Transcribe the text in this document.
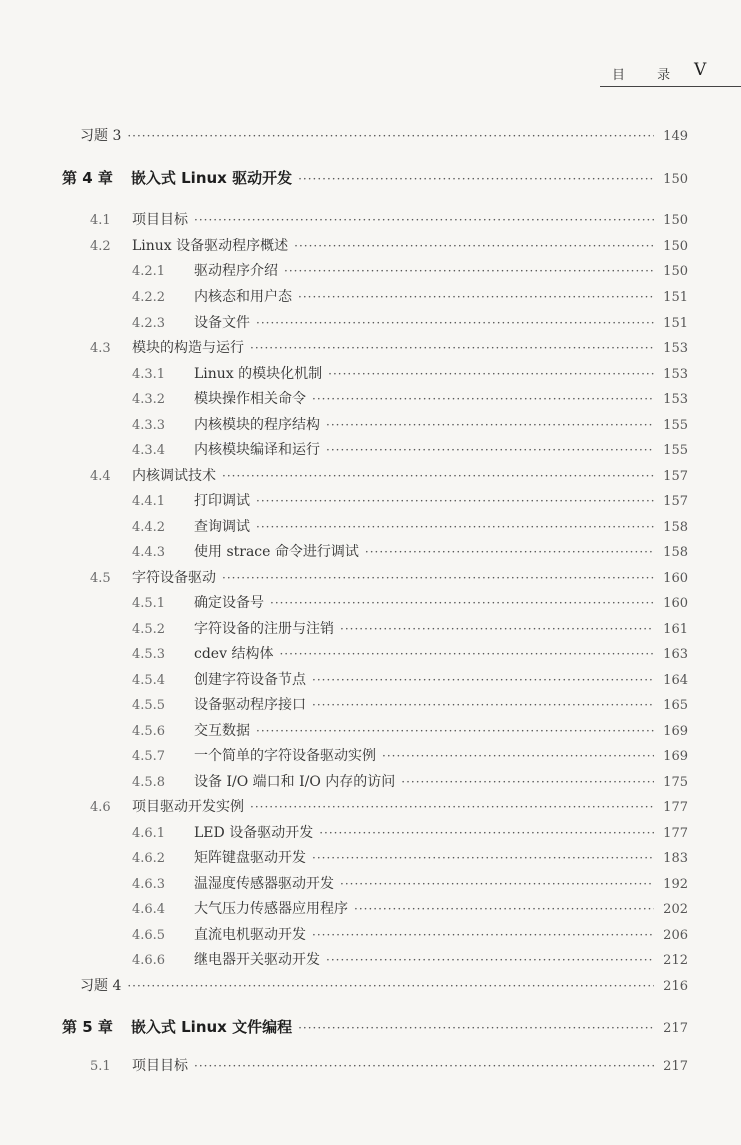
目 录 V
习题 3 ·····	149
第 4 章 嵌入式 Linux 驱动开发 ·····	150
4.1	项目目标 ·····	150
4.2	Linux 设备驱动程序概述 ·····	150
4.2.1	驱动程序介绍 ·····	150
4.2.2	内核态和用户态 ·····	151
4.2.3	设备文件 ·····	151
4.3	模块的构造与运行 ·····	153
4.3.1	Linux 的模块化机制 ·····	153
4.3.2	模块操作相关命令 ·····	153
4.3.3	内核模块的程序结构 ·····	155
4.3.4	内核模块编译和运行 ·····	155
4.4	内核调试技术 ·····	157
4.4.1	打印调试 ·····	157
4.4.2	查询调试 ·····	158
4.4.3	使用 strace 命令进行调试 ·····	158
4.5	字符设备驱动 ·····	160
4.5.1	确定设备号 ·····	160
4.5.2	字符设备的注册与注销 ·····	161
4.5.3	cdev 结构体 ·····	163
4.5.4	创建字符设备节点 ·····	164
4.5.5	设备驱动程序接口 ·····	165
4.5.6	交互数据 ·····	169
4.5.7	一个简单的字符设备驱动实例 ·····	169
4.5.8	设备 I/O 端口和 I/O 内存的访问 ·····	175
4.6	项目驱动开发实例 ·····	177
4.6.1	LED 设备驱动开发 ·····	177
4.6.2	矩阵键盘驱动开发 ·····	183
4.6.3	温湿度传感器驱动开发 ·····	192
4.6.4	大气压力传感器应用程序 ·····	202
4.6.5	直流电机驱动开发 ·····	206
4.6.6	继电器开关驱动开发 ·····	212
习题 4 ·····	216
第 5 章 嵌入式 Linux 文件编程 ·····	217
5.1	项目目标 ·····	217
